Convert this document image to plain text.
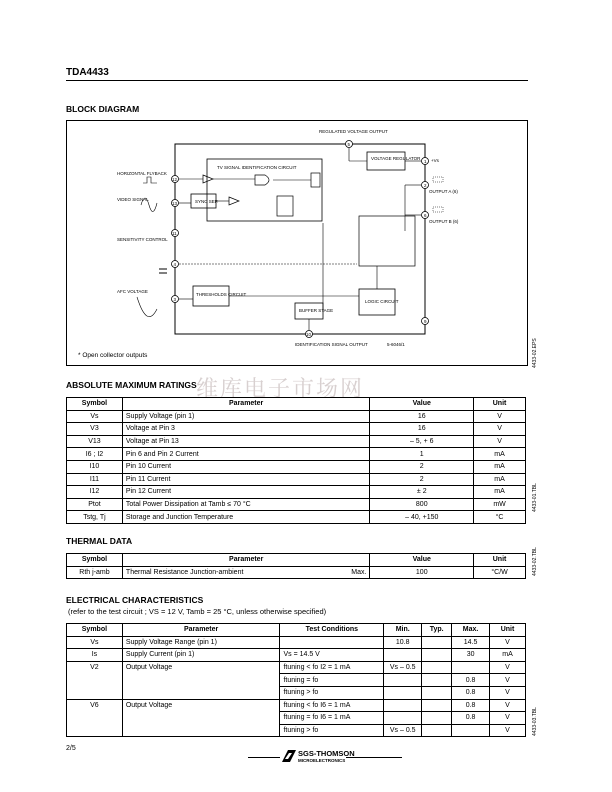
TDA4433
BLOCK DIAGRAM
TV SIGNAL IDENTIFICATION CIRCUIT
REGULATED VOLTAGE OUTPUT
5
VOLTAGE REGULATOR
1 +Vs
2
OUTPUT A (6)
6
OUTPUT B (6)
HORIZONTAL FLYBACK
12
VIDEO SIGNAL
13
SENSITIVITY CONTROL
11
4
AFC VOLTAGE
3
SYNC SEP.
THRESHOLDS CIRCUIT
BUFFER STAGE
LOGIC CIRCUIT
10
IDENTIFICATION SIGNAL OUTPUT
9
5-6046/1
* Open collector outputs	4433-02.EPS
维库电子市场网
ABSOLUTE MAXIMUM RATINGS
Symbol	Parameter	Value	Unit
Vs	Supply Voltage (pin 1)	16	V
V3	Voltage at Pin 3	16	V
V13	Voltage at Pin 13	– 5, + 6	V
I6 ; I2	Pin 6 and Pin 2 Current	1	mA
I10	Pin 10 Current	2	mA
I11	Pin 11 Current	2	mA
I12	Pin 12 Current	± 2	mA
Ptot	Total Power Dissipation at Tamb ≤ 70 °C	800	mW
Tstg, Tj	Storage and Junction Temperature	– 40, +150	°C
4433-01.TBL
THERMAL DATA
Symbol	Parameter	Value	Unit
Rth j-amb	Thermal Resistance Junction-ambient Max.	100	°C/W	4433-02.TBL
ELECTRICAL CHARACTERISTICS
(refer to the test circuit ; VS = 12 V, Tamb = 25 °C, unless otherwise specified)
Symbol	Parameter	Test Conditions	Min.	Typ.	Max.	Unit
Vs	Supply Voltage Range (pin 1)		10.8		14.5	V
Is	Supply Current (pin 1)	Vs = 14.5 V			30	mA
V2	Output Voltage	ftuning < fo I2 = 1 mA	Vs – 0.5			V
		ftuning = fo			0.8	V
		ftuning > fo			0.8	V
V6	Output Voltage	ftuning < fo I6 = 1 mA			0.8	V
		ftuning = fo I6 = 1 mA			0.8	V
		ftuning > fo	Vs – 0.5			V	4433-03.TBL
2/5
SGS-THOMSON
MICROELECTRONICS
